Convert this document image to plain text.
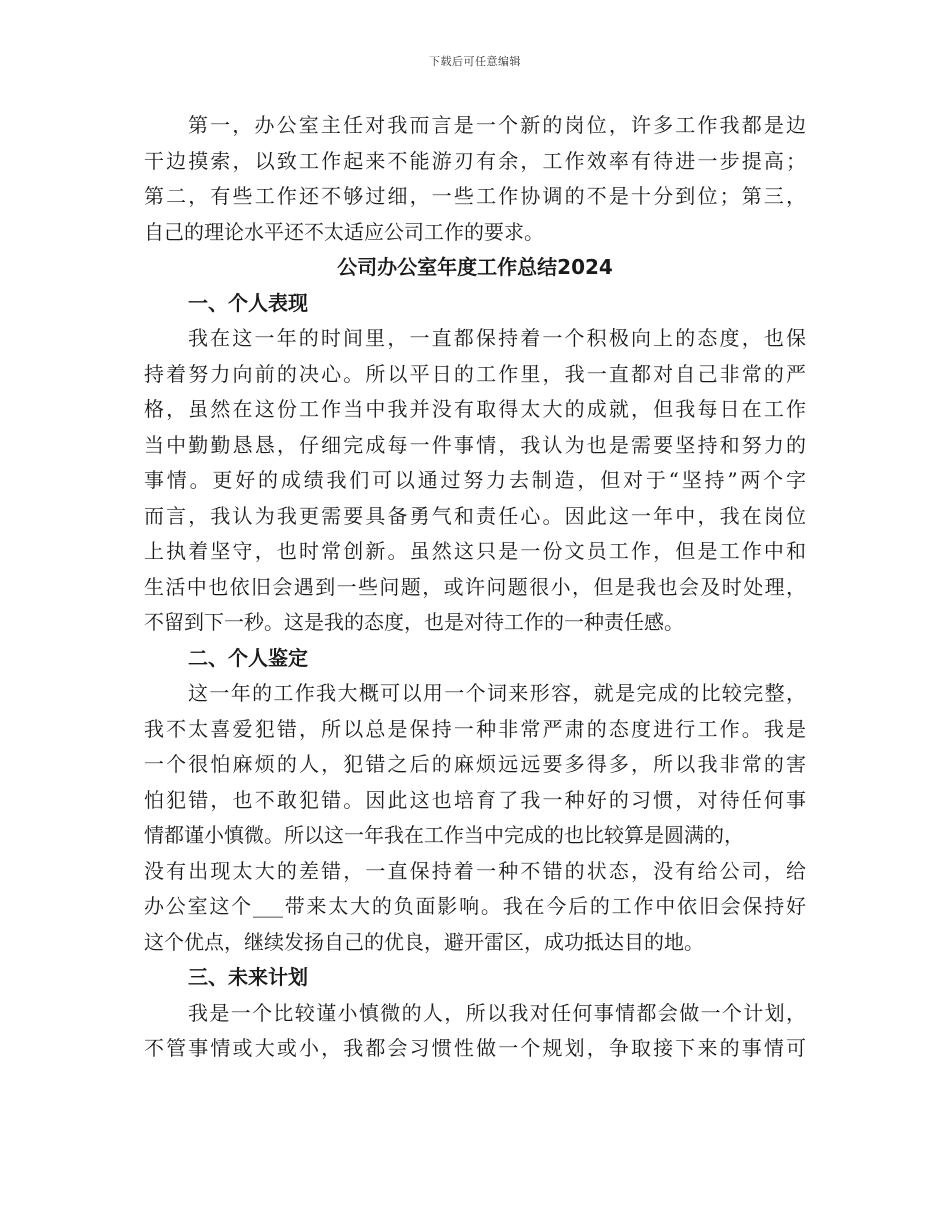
下载后可任意编辑
第一，办公室主任对我而言是一个新的岗位，许多工作我都是边
干边摸索，以致工作起来不能游刃有余，工作效率有待进一步提高；
第二，有些工作还不够过细，一些工作协调的不是十分到位；第三，
自己的理论水平还不太适应公司工作的要求。
公司办公室年度工作总结2024
一、个人表现
我在这一年的时间里，一直都保持着一个积极向上的态度，也保
持着努力向前的决心。所以平日的工作里，我一直都对自己非常的严
格，虽然在这份工作当中我并没有取得太大的成就，但我每日在工作
当中勤勤恳恳，仔细完成每一件事情，我认为也是需要坚持和努力的
事情。更好的成绩我们可以通过努力去制造，但对于“坚持”两个字
而言，我认为我更需要具备勇气和责任心。因此这一年中，我在岗位
上执着坚守，也时常创新。虽然这只是一份文员工作，但是工作中和
生活中也依旧会遇到一些问题，或许问题很小，但是我也会及时处理，
不留到下一秒。这是我的态度，也是对待工作的一种责任感。
二、个人鉴定
这一年的工作我大概可以用一个词来形容，就是完成的比较完整，
我不太喜爱犯错，所以总是保持一种非常严肃的态度进行工作。我是
一个很怕麻烦的人，犯错之后的麻烦远远要多得多，所以我非常的害
怕犯错，也不敢犯错。因此这也培育了我一种好的习惯，对待任何事
情都谨小慎微。所以这一年我在工作当中完成的也比较算是圆满的，
没有出现太大的差错，一直保持着一种不错的状态，没有给公司，给
办公室这个___带来太大的负面影响。我在今后的工作中依旧会保持好
这个优点，继续发扬自己的优良，避开雷区，成功抵达目的地。
三、未来计划
我是一个比较谨小慎微的人，所以我对任何事情都会做一个计划，
不管事情或大或小，我都会习惯性做一个规划，争取接下来的事情可
